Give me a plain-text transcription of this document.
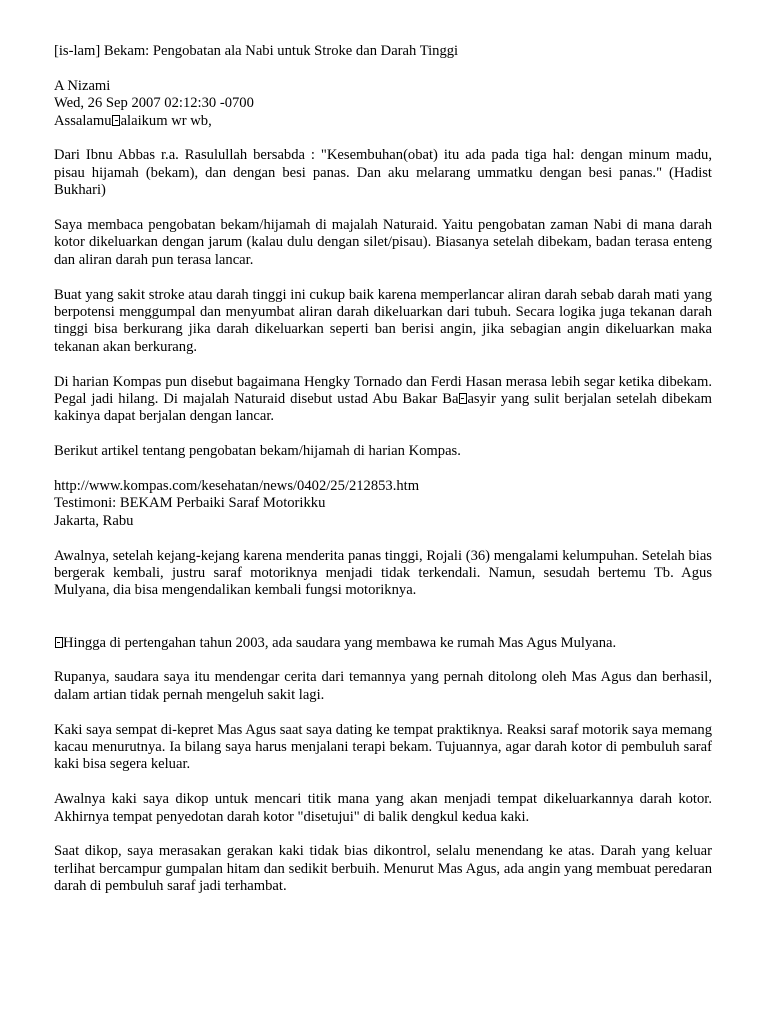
[is-lam] Bekam: Pengobatan ala Nabi untuk Stroke dan Darah Tinggi

A Nizami

Wed, 26 Sep 2007 02:12:30 -0700

Assalamu alaikum wr wb,

Dari Ibnu Abbas r.a. Rasulullah bersabda : "Kesembuhan(obat) itu ada pada tiga hal: dengan minum madu, pisau hijamah (bekam), dan dengan besi panas. Dan aku melarang ummatku dengan besi panas." (Hadist Bukhari)

Saya membaca pengobatan bekam/hijamah di majalah Naturaid. Yaitu pengobatan zaman Nabi di mana darah kotor dikeluarkan dengan jarum (kalau dulu dengan silet/pisau). Biasanya setelah dibekam, badan terasa enteng dan aliran darah pun terasa lancar.

Buat yang sakit stroke atau darah tinggi ini cukup baik karena memperlancar aliran darah sebab darah mati yang berpotensi menggumpal dan menyumbat aliran darah dikeluarkan dari tubuh. Secara logika juga tekanan darah tinggi bisa berkurang jika darah dikeluarkan seperti ban berisi angin, jika sebagian angin dikeluarkan maka tekanan akan berkurang.

Di harian Kompas pun disebut bagaimana Hengky Tornado dan Ferdi Hasan merasa lebih segar ketika dibekam. Pegal jadi hilang. Di majalah Naturaid disebut ustad Abu Bakar Ba asyir yang sulit berjalan setelah dibekam kakinya dapat berjalan dengan lancar.

Berikut artikel tentang pengobatan bekam/hijamah di harian Kompas.

http://www.kompas.com/kesehatan/news/0402/25/212853.htm

Testimoni: BEKAM Perbaiki Saraf Motorikku

Jakarta, Rabu

Awalnya, setelah kejang-kejang karena menderita panas tinggi, Rojali (36) mengalami kelumpuhan. Setelah bias bergerak kembali, justru saraf motoriknya menjadi tidak terkendali. Namun, sesudah bertemu Tb. Agus Mulyana, dia bisa mengendalikan kembali fungsi motoriknya.

Hingga di pertengahan tahun 2003, ada saudara yang membawa ke rumah Mas Agus Mulyana.

Rupanya, saudara saya itu mendengar cerita dari temannya yang pernah ditolong oleh Mas Agus dan berhasil, dalam artian tidak pernah mengeluh sakit lagi.

Kaki saya sempat di-kepret Mas Agus saat saya dating ke tempat praktiknya. Reaksi saraf motorik saya memang kacau menurutnya. Ia bilang saya harus menjalani terapi bekam. Tujuannya, agar darah kotor di pembuluh saraf kaki bisa segera keluar.

Awalnya kaki saya dikop untuk mencari titik mana yang akan menjadi tempat dikeluarkannya darah kotor. Akhirnya tempat penyedotan darah kotor "disetujui" di balik dengkul kedua kaki.

Saat dikop, saya merasakan gerakan kaki tidak bias dikontrol, selalu menendang ke atas. Darah yang keluar terlihat bercampur gumpalan hitam dan sedikit berbuih. Menurut Mas Agus, ada angin yang membuat peredaran darah di pembuluh saraf jadi terhambat.
